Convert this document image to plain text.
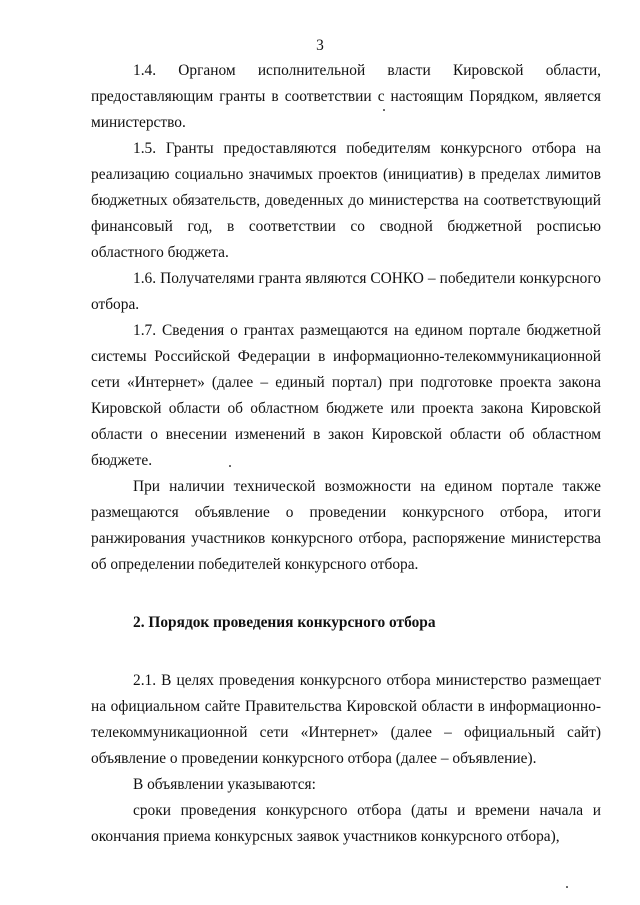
3

1.4. Органом исполнительной власти Кировской области, предоставляющим гранты в соответствии с настоящим Порядком, является министерство.

1.5. Гранты предоставляются победителям конкурсного отбора на реализацию социально значимых проектов (инициатив) в пределах лимитов бюджетных обязательств, доведенных до министерства на соответствующий финансовый год, в соответствии со сводной бюджетной росписью областного бюджета.

1.6. Получателями гранта являются СОНКО – победители конкурсного отбора.

1.7. Сведения о грантах размещаются на едином портале бюджетной системы Российской Федерации в информационно-телекоммуникационной сети «Интернет» (далее – единый портал) при подготовке проекта закона Кировской области об областном бюджете или проекта закона Кировской области о внесении изменений в закон Кировской области об областном бюджете.

При наличии технической возможности на едином портале также размещаются объявление о проведении конкурсного отбора, итоги ранжирования участников конкурсного отбора, распоряжение министерства об определении победителей конкурсного отбора.

2. Порядок проведения конкурсного отбора

2.1. В целях проведения конкурсного отбора министерство размещает на официальном сайте Правительства Кировской области в информационно-телекоммуникационной сети «Интернет» (далее – официальный сайт) объявление о проведении конкурсного отбора (далее – объявление).

В объявлении указываются:

сроки проведения конкурсного отбора (даты и времени начала и окончания приема конкурсных заявок участников конкурсного отбора),
